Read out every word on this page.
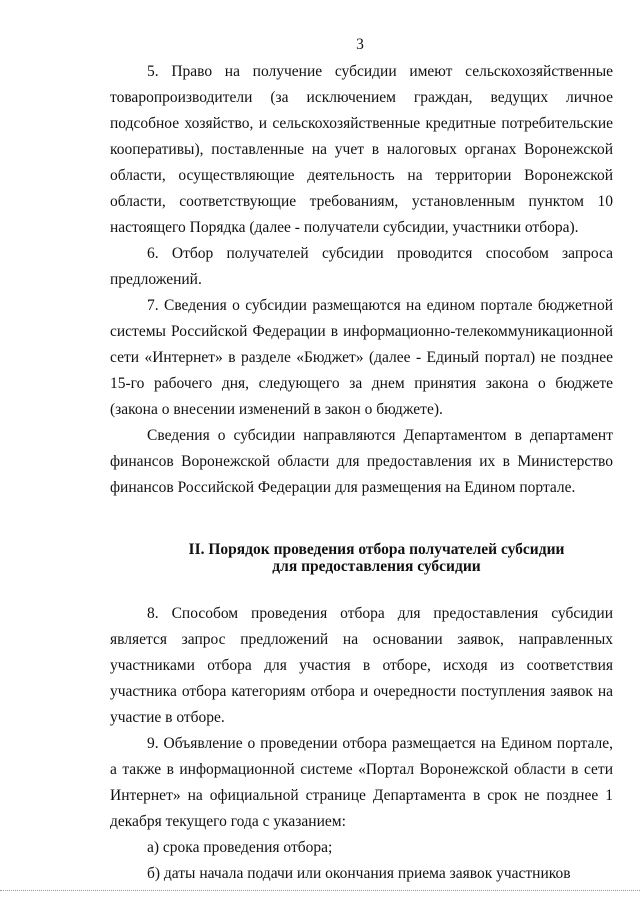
3

5. Право на получение субсидии имеют сельскохозяйственные товаропроизводители (за исключением граждан, ведущих личное подсобное хозяйство, и сельскохозяйственные кредитные потребительские кооперативы), поставленные на учет в налоговых органах Воронежской области, осуществляющие деятельность на территории Воронежской области, соответствующие требованиям, установленным пунктом 10 настоящего Порядка (далее - получатели субсидии, участники отбора).

6. Отбор получателей субсидии проводится способом запроса предложений.

7. Сведения о субсидии размещаются на едином портале бюджетной системы Российской Федерации в информационно-телекоммуникационной сети «Интернет» в разделе «Бюджет» (далее - Единый портал) не позднее 15-го рабочего дня, следующего за днем принятия закона о бюджете (закона о внесении изменений в закон о бюджете).

Сведения о субсидии направляются Департаментом в департамент финансов Воронежской области для предоставления их в Министерство финансов Российской Федерации для размещения на Едином портале.

II. Порядок проведения отбора получателей субсидии
для предоставления субсидии

8. Способом проведения отбора для предоставления субсидии является запрос предложений на основании заявок, направленных участниками отбора для участия в отборе, исходя из соответствия участника отбора категориям отбора и очередности поступления заявок на участие в отборе.

9. Объявление о проведении отбора размещается на Едином портале, а также в информационной системе «Портал Воронежской области в сети Интернет» на официальной странице Департамента в срок не позднее 1 декабря текущего года с указанием:

а) срока проведения отбора;

б) даты начала подачи или окончания приема заявок участников
